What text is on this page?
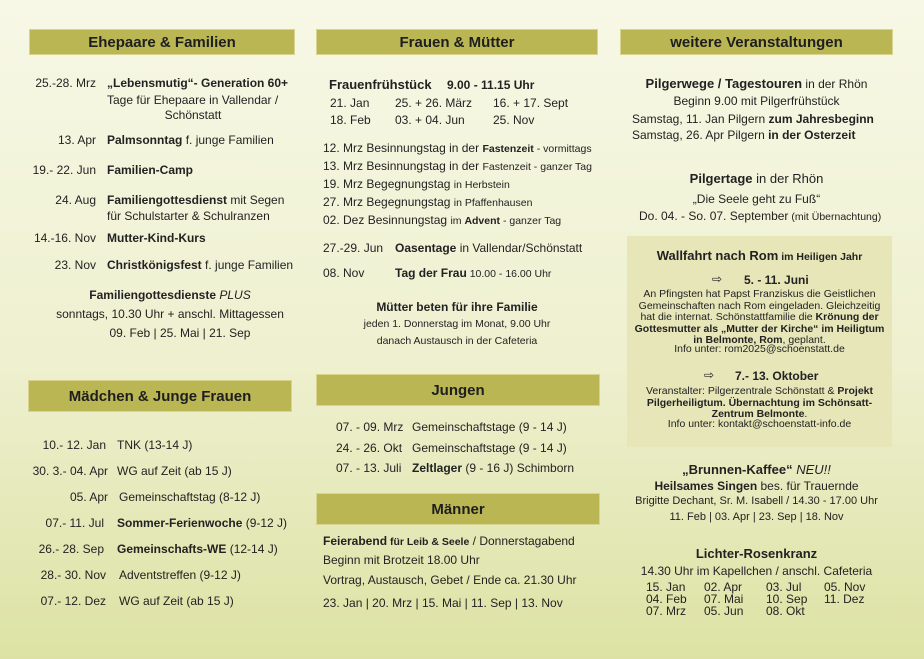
Ehepaare & Familien
25.-28. Mrz „Lebensmutig“- Generation 60+
Tage für Ehepaare in Vallendar /
Schönstatt
13. Apr Palmsonntag f. junge Familien
19.- 22. Jun Familien-Camp
24. Aug Familiengottesdienst mit Segen
für Schulstarter & Schulranzen
14.-16. Nov Mutter-Kind-Kurs
23. Nov Christkönigsfest f. junge Familien
Familiengottesdienste PLUS
sonntags, 10.30 Uhr + anschl. Mittagessen
09. Feb | 25. Mai | 21. Sep
Mädchen & Junge Frauen
10.- 12. Jan TNK (13-14 J)
30. 3.- 04. Apr WG auf Zeit (ab 15 J)
05. Apr Gemeinschaftstag (8-12 J)
07.- 11. Jul Sommer-Ferienwoche (9-12 J)
26.- 28. Sep Gemeinschafts-WE (12-14 J)
28.- 30. Nov Adventstreffen (9-12 J)
07.- 12. Dez WG auf Zeit (ab 15 J)
Frauen & Mütter
Frauenfrühstück 9.00 - 11.15 Uhr
21. Jan 25. + 26. März 16. + 17. Sept
18. Feb 03. + 04. Jun 25. Nov
12. Mrz Besinnungstag in der Fastenzeit - vormittags
13. Mrz Besinnungstag in der Fastenzeit - ganzer Tag
19. Mrz Begegnungstag in Herbstein
27. Mrz Begegnungstag in Pfaffenhausen
02. Dez Besinnungstag im Advent - ganzer Tag
27.-29. Jun Oasentage in Vallendar/Schönstatt
08. Nov	Tag der Frau 10.00 - 16.00 Uhr
Mütter beten für ihre Familie
jeden 1. Donnerstag im Monat, 9.00 Uhr
danach Austausch in der Cafeteria
Jungen
07. - 09. Mrz Gemeinschaftstage (9 - 14 J)
24. - 26. Okt Gemeinschaftstage (9 - 14 J)
07. - 13. Juli Zeltlager (9 - 16 J) Schimborn
Männer
Feierabend für Leib & Seele / Donnerstagabend
Beginn mit Brotzeit 18.00 Uhr
Vortrag, Austausch, Gebet / Ende ca. 21.30 Uhr
23. Jan | 20. Mrz | 15. Mai | 11. Sep | 13. Nov
weitere Veranstaltungen
Pilgerwege / Tagestouren in der Rhön
Beginn 9.00 mit Pilgerfrühstück
Samstag, 11. Jan Pilgern zum Jahresbeginn
Samstag, 26. Apr Pilgern in der Osterzeit
Pilgertage in der Rhön
„Die Seele geht zu Fuß“
Do. 04. - So. 07. September (mit Übernachtung)
Wallfahrt nach Rom im Heiligen Jahr
⇨ 5. - 11. Juni
An Pfingsten hat Papst Franziskus die Geistlichen Gemeinschaften nach Rom eingeladen. Gleichzeitig hat die internat. Schönstattfamilie die Krönung der Gottesmutter als „Mutter der Kirche“ im Heiligtum in Belmonte, Rom, geplant.
Info unter: rom2025@schoenstatt.de
⇨ 7.- 13. Oktober
Veranstalter: Pilgerzentrale Schönstatt & Projekt Pilgerheiligtum. Übernachtung im Schönsatt-Zentrum Belmonte.
Info unter: kontakt@schoenstatt-info.de
„Brunnen-Kaffee“ NEU!!
Heilsames Singen bes. für Trauernde
Brigitte Dechant, Sr. M. Isabell / 14.30 - 17.00 Uhr
11. Feb | 03. Apr | 23. Sep | 18. Nov
Lichter-Rosenkranz
14.30 Uhr im Kapellchen / anschl. Cafeteria
15. Jan	02. Apr	03. Jul	05. Nov
04. Feb	07. Mai	10. Sep	11. Dez
07. Mrz	05. Jun	08. Okt
